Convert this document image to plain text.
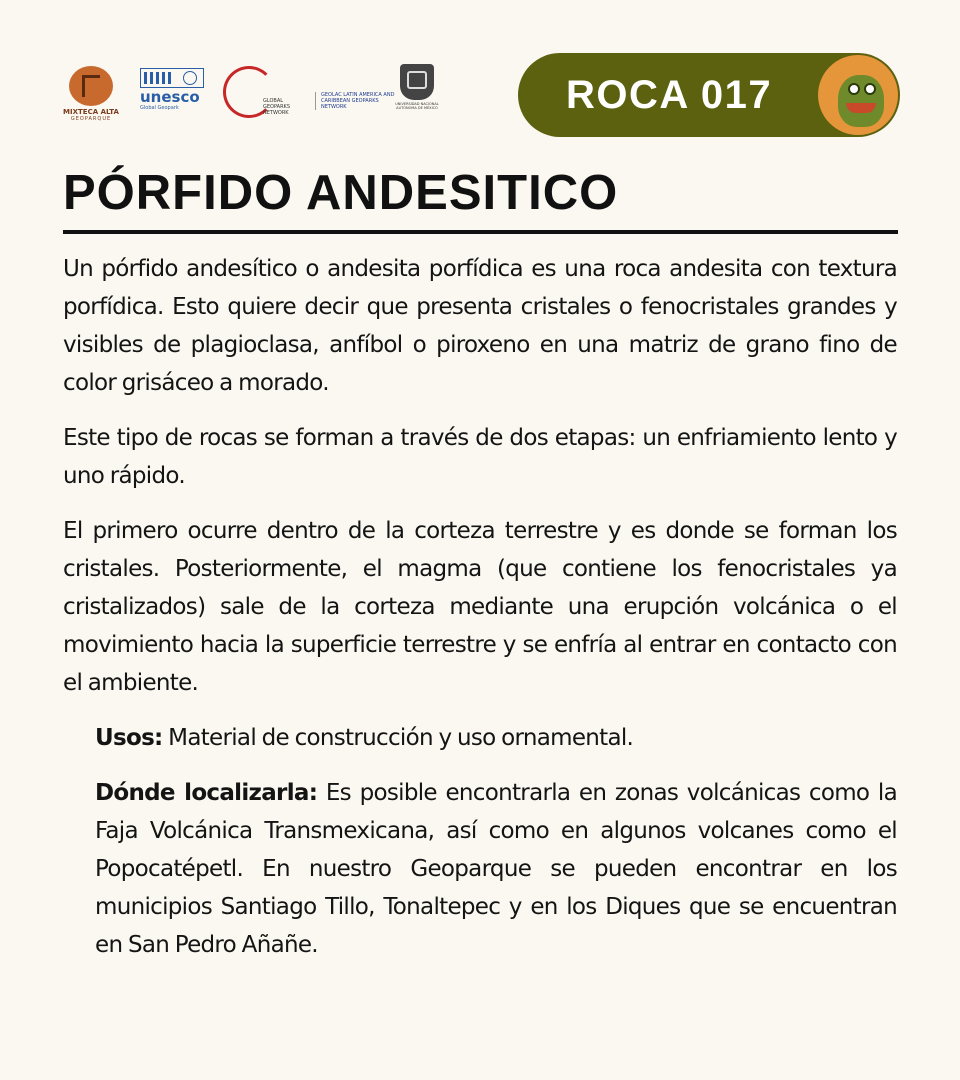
MIXTECA ALTA
GEOPARQUE
unesco
Global Geopark
GLOBAL GEOPARKS NETWORK
GEOLAC LATIN AMERICA AND CARIBBEAN GEOPARKS NETWORK	UNIVERSIDAD NACIONAL AUTÓNOMA DE MÉXICO	ROCA 017
PÓRFIDO ANDESITICO

Un pórfido andesítico o andesita porfídica es una roca andesita con textura porfídica. Esto quiere decir que presenta cristales o fenocristales grandes y visibles de plagioclasa, anfíbol o piroxeno en una matriz de grano fino de color grisáceo a morado.

Este tipo de rocas se forman a través de dos etapas: un enfriamiento lento y uno rápido.

El primero ocurre dentro de la corteza terrestre y es donde se forman los cristales. Posteriormente, el magma (que contiene los fenocristales ya cristalizados) sale de la corteza mediante una erupción volcánica o el movimiento hacia la superficie terrestre y se enfría al entrar en contacto con el ambiente.

Usos: Material de construcción y uso ornamental.

Dónde localizarla: Es posible encontrarla en zonas volcánicas como la Faja Volcánica Transmexicana, así como en algunos volcanes como el Popocatépetl. En nuestro Geoparque se pueden encontrar en los municipios Santiago Tillo, Tonaltepec y en los Diques que se encuentran en San Pedro Añañe.
